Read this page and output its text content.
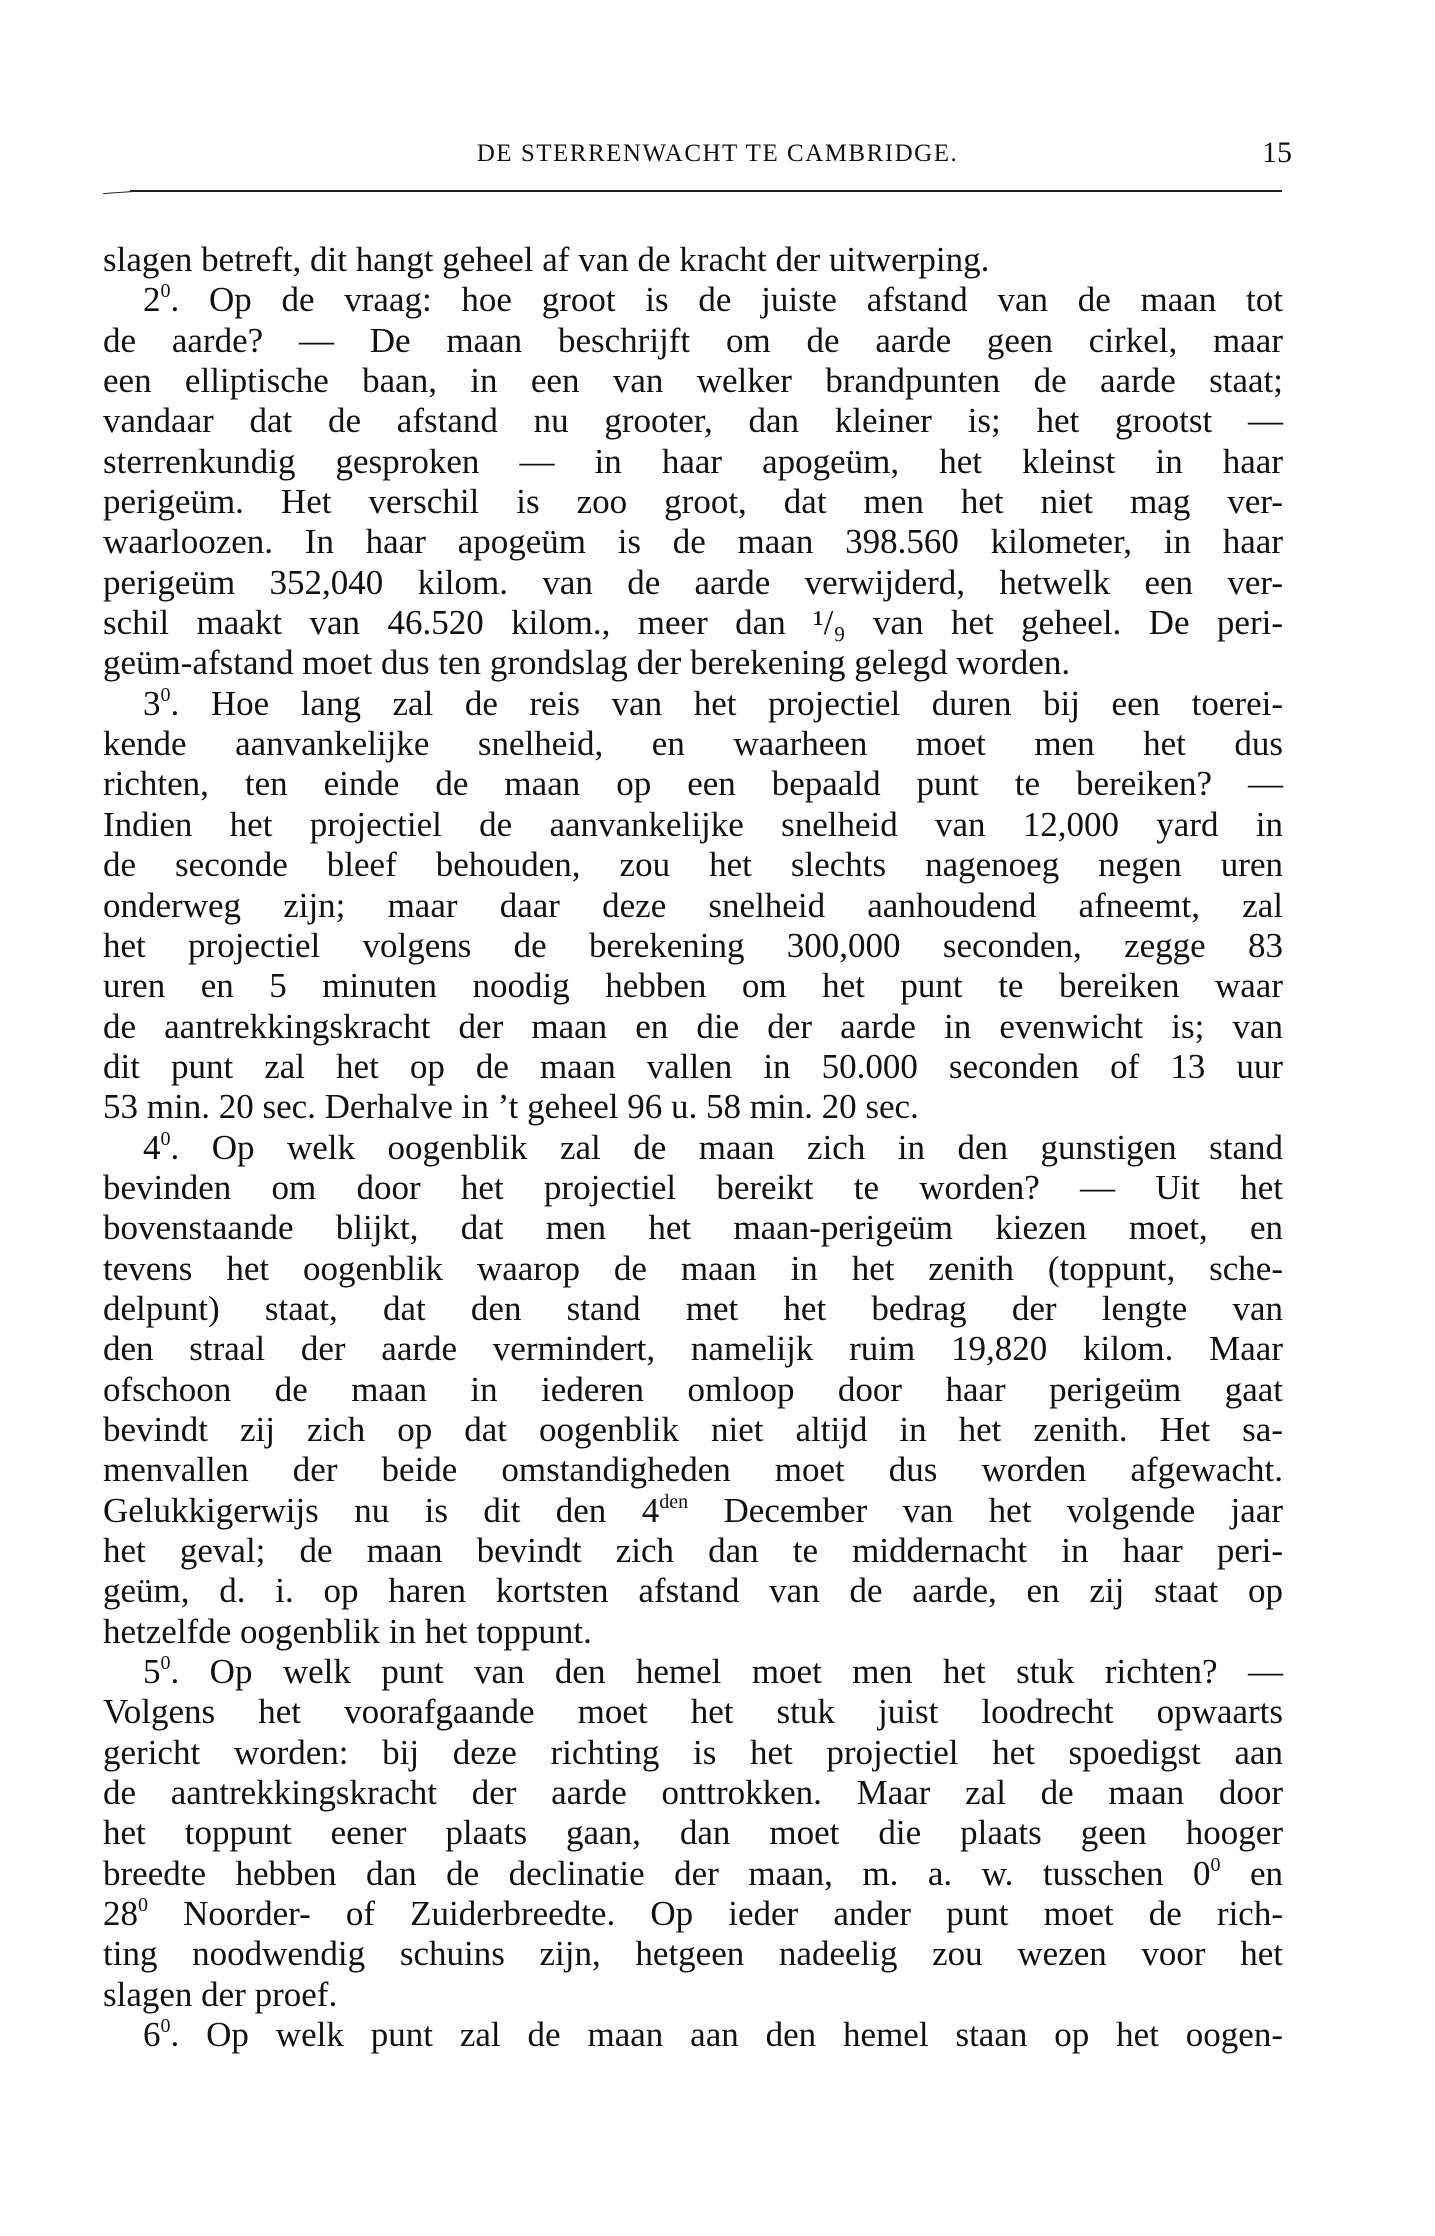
DE STERRENWACHT TE CAMBRIDGE.	15
slagen betreft, dit hangt geheel af van de kracht der uitwerping.
$2^0$. Op de vraag: hoe groot is de juiste afstand van de maan tot
de aarde? — De maan beschrijft om de aarde geen cirkel, maar
een elliptische baan, in een van welker brandpunten de aarde staat;
vandaar dat de afstand nu grooter, dan kleiner is; het grootst —
sterrenkundig gesproken — in haar apogeüm, het kleinst in haar
perigeüm. Het verschil is zoo groot, dat men het niet mag ver-
waarloozen. In haar apogeüm is de maan 398.560 kilometer, in haar
perigeüm 352,040 kilom. van de aarde verwijderd, hetwelk een ver-
schil maakt van 46.520 kilom., meer dan ¹/₉ van het geheel. De peri-
geüm-afstand moet dus ten grondslag der berekening gelegd worden.
$3^0$. Hoe lang zal de reis van het projectiel duren bij een toerei-
kende aanvankelijke snelheid, en waarheen moet men het dus
richten, ten einde de maan op een bepaald punt te bereiken? —
Indien het projectiel de aanvankelijke snelheid van 12,000 yard in
de seconde bleef behouden, zou het slechts nagenoeg negen uren
onderweg zijn; maar daar deze snelheid aanhoudend afneemt, zal
het projectiel volgens de berekening 300,000 seconden, zegge 83
uren en 5 minuten noodig hebben om het punt te bereiken waar
de aantrekkingskracht der maan en die der aarde in evenwicht is; van
dit punt zal het op de maan vallen in 50.000 seconden of 13 uur
53 min. 20 sec. Derhalve in ’t geheel 96 u. 58 min. 20 sec.
$4^0$. Op welk oogenblik zal de maan zich in den gunstigen stand
bevinden om door het projectiel bereikt te worden? — Uit het
bovenstaande blijkt, dat men het maan-perigeüm kiezen moet, en
tevens het oogenblik waarop de maan in het zenith (toppunt, sche-
delpunt) staat, dat den stand met het bedrag der lengte van
den straal der aarde vermindert, namelijk ruim 19,820 kilom. Maar
ofschoon de maan in iederen omloop door haar perigeüm gaat
bevindt zij zich op dat oogenblik niet altijd in het zenith. Het sa-
menvallen der beide omstandigheden moet dus worden afgewacht.
Gelukkigerwijs nu is dit den $4^{den}$ December van het volgende jaar
het geval; de maan bevindt zich dan te middernacht in haar peri-
geüm, d. i. op haren kortsten afstand van de aarde, en zij staat op
hetzelfde oogenblik in het toppunt.
$5^0$. Op welk punt van den hemel moet men het stuk richten? —
Volgens het voorafgaande moet het stuk juist loodrecht opwaarts
gericht worden: bij deze richting is het projectiel het spoedigst aan
de aantrekkingskracht der aarde onttrokken. Maar zal de maan door
het toppunt eener plaats gaan, dan moet die plaats geen hooger
breedte hebben dan de declinatie der maan, m. a. w. tusschen $0^0$ en
$28^0$ Noorder- of Zuiderbreedte. Op ieder ander punt moet de rich-
ting noodwendig schuins zijn, hetgeen nadeelig zou wezen voor het
slagen der proef.
$6^0$. Op welk punt zal de maan aan den hemel staan op het oogen-
